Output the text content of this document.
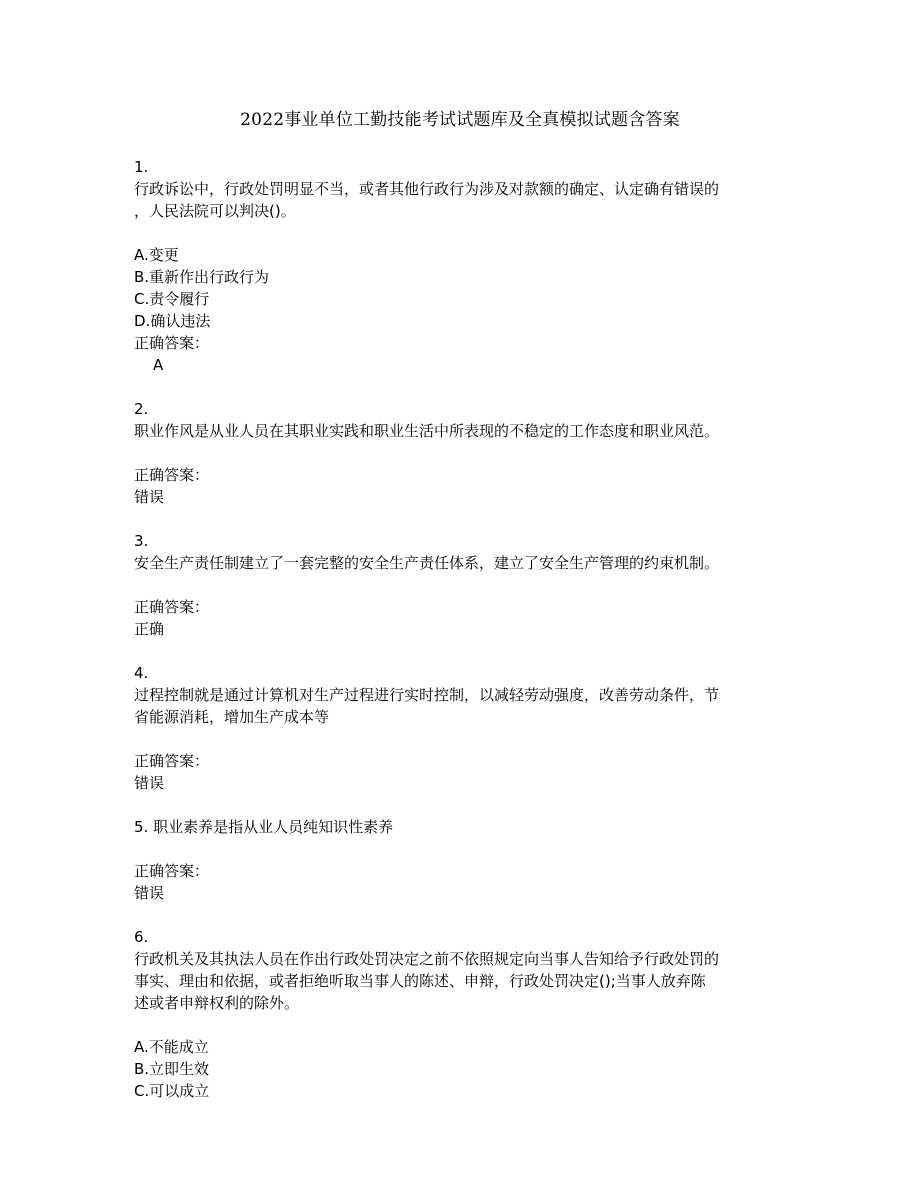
2022事业单位工勤技能考试试题库及全真模拟试题含答案
1.
行政诉讼中，行政处罚明显不当，或者其他行政行为涉及对款额的确定、认定确有错误的
，人民法院可以判决()。
A.变更
B.重新作出行政行为
C.责令履行
D.确认违法
正确答案：
A
2.
职业作风是从业人员在其职业实践和职业生活中所表现的不稳定的工作态度和职业风范。
正确答案：
错误
3.
安全生产责任制建立了一套完整的安全生产责任体系，建立了安全生产管理的约束机制。
正确答案：
正确
4.
过程控制就是通过计算机对生产过程进行实时控制，以减轻劳动强度，改善劳动条件，节
省能源消耗，增加生产成本等
正确答案：
错误
5. 职业素养是指从业人员纯知识性素养
正确答案：
错误
6.
行政机关及其执法人员在作出行政处罚决定之前不依照规定向当事人告知给予行政处罚的
事实、理由和依据，或者拒绝听取当事人的陈述、申辩，行政处罚决定();当事人放弃陈
述或者申辩权利的除外。
A.不能成立
B.立即生效
C.可以成立
